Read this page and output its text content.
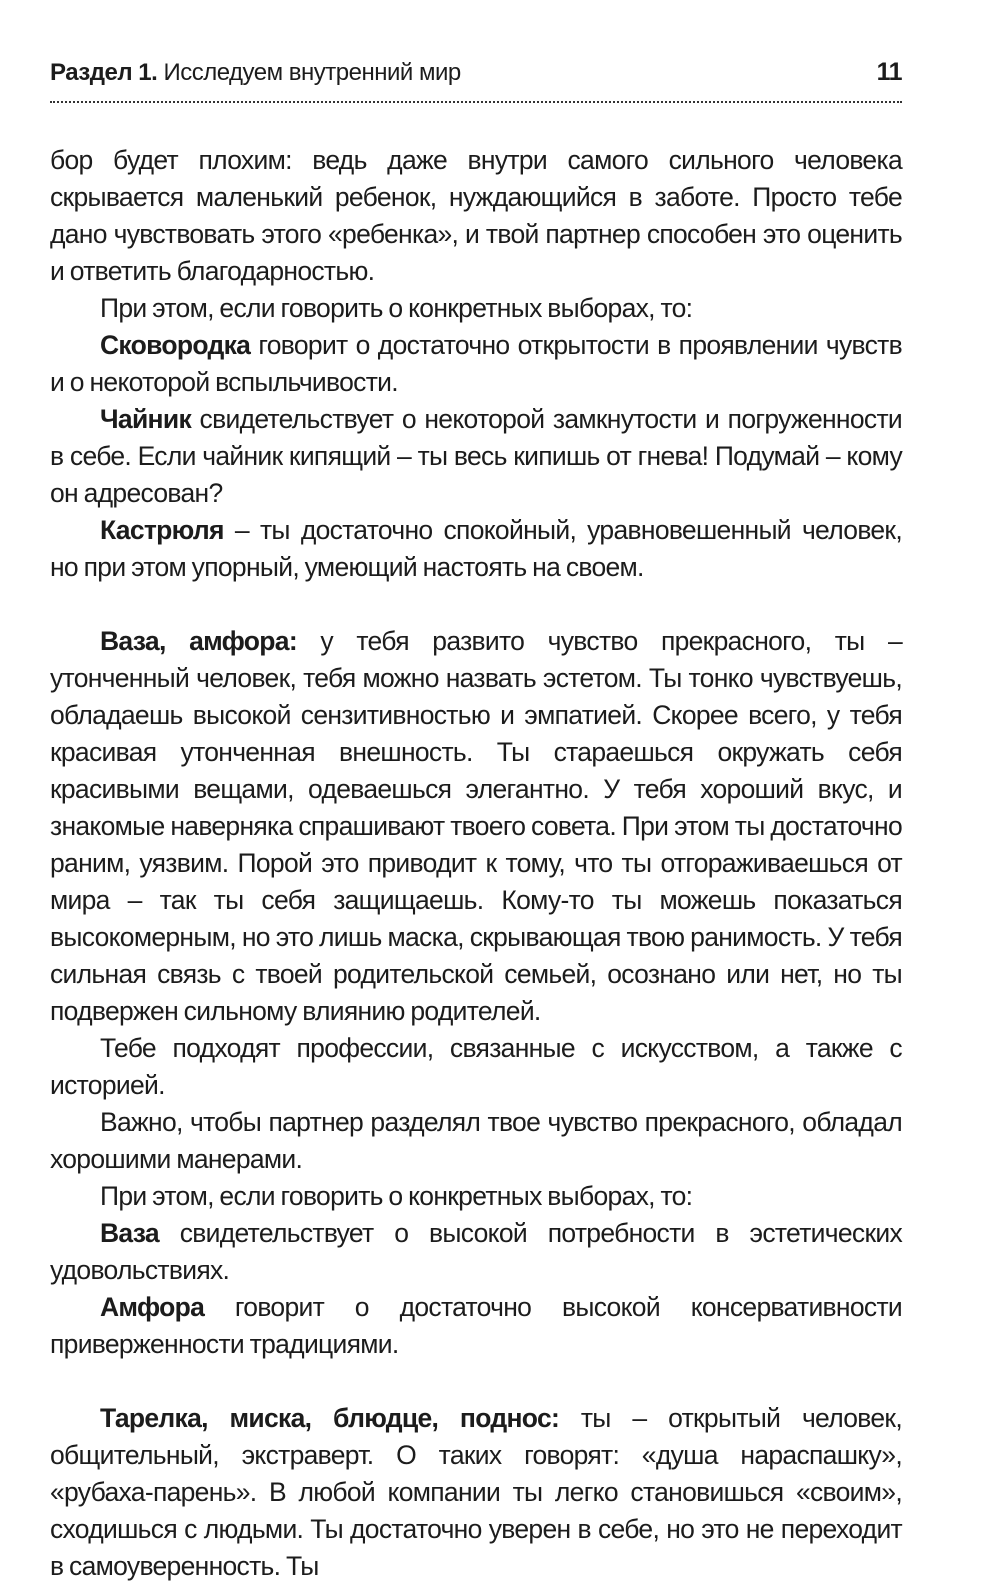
Раздел 1. Исследуем внутренний мир	11

бор будет плохим: ведь даже внутри самого сильного человека скрывается маленький ребенок, нуждающийся в заботе. Просто тебе дано чувствовать этого «ребенка», и твой партнер способен это оценить и ответить благодарностью.

При этом, если говорить о конкретных выборах, то:

Сковородка говорит о достаточно открытости в проявлении чувств и о некоторой вспыльчивости.

Чайник свидетельствует о некоторой замкнутости и погруженности в себе. Если чайник кипящий – ты весь кипишь от гнева! Подумай – кому он адресован?

Кастрюля – ты достаточно спокойный, уравновешенный человек, но при этом упорный, умеющий настоять на своем.

Ваза, амфора: у тебя развито чувство прекрасного, ты – утонченный человек, тебя можно назвать эстетом. Ты тонко чувствуешь, обладаешь высокой сензитивностью и эмпатией. Скорее всего, у тебя красивая утонченная внешность. Ты стараешься окружать себя красивыми вещами, одеваешься элегантно. У тебя хороший вкус, и знакомые наверняка спрашивают твоего совета. При этом ты достаточно раним, уязвим. Порой это приводит к тому, что ты отгораживаешься от мира – так ты себя защищаешь. Кому-то ты можешь показаться высокомерным, но это лишь маска, скрывающая твою ранимость. У тебя сильная связь с твоей родительской семьей, осознано или нет, но ты подвержен сильному влиянию родителей.

Тебе подходят профессии, связанные с искусством, а также с историей.

Важно, чтобы партнер разделял твое чувство прекрасного, обладал хорошими манерами.

При этом, если говорить о конкретных выборах, то:

Ваза свидетельствует о высокой потребности в эстетических удовольствиях.

Амфора говорит о достаточно высокой консервативности приверженности традициями.

Тарелка, миска, блюдце, поднос: ты – открытый человек, общительный, экстраверт. О таких говорят: «душа нараспашку», «рубаха-парень». В любой компании ты легко становишься «своим», сходишься с людьми. Ты достаточно уверен в себе, но это не переходит в самоуверенность. Ты
